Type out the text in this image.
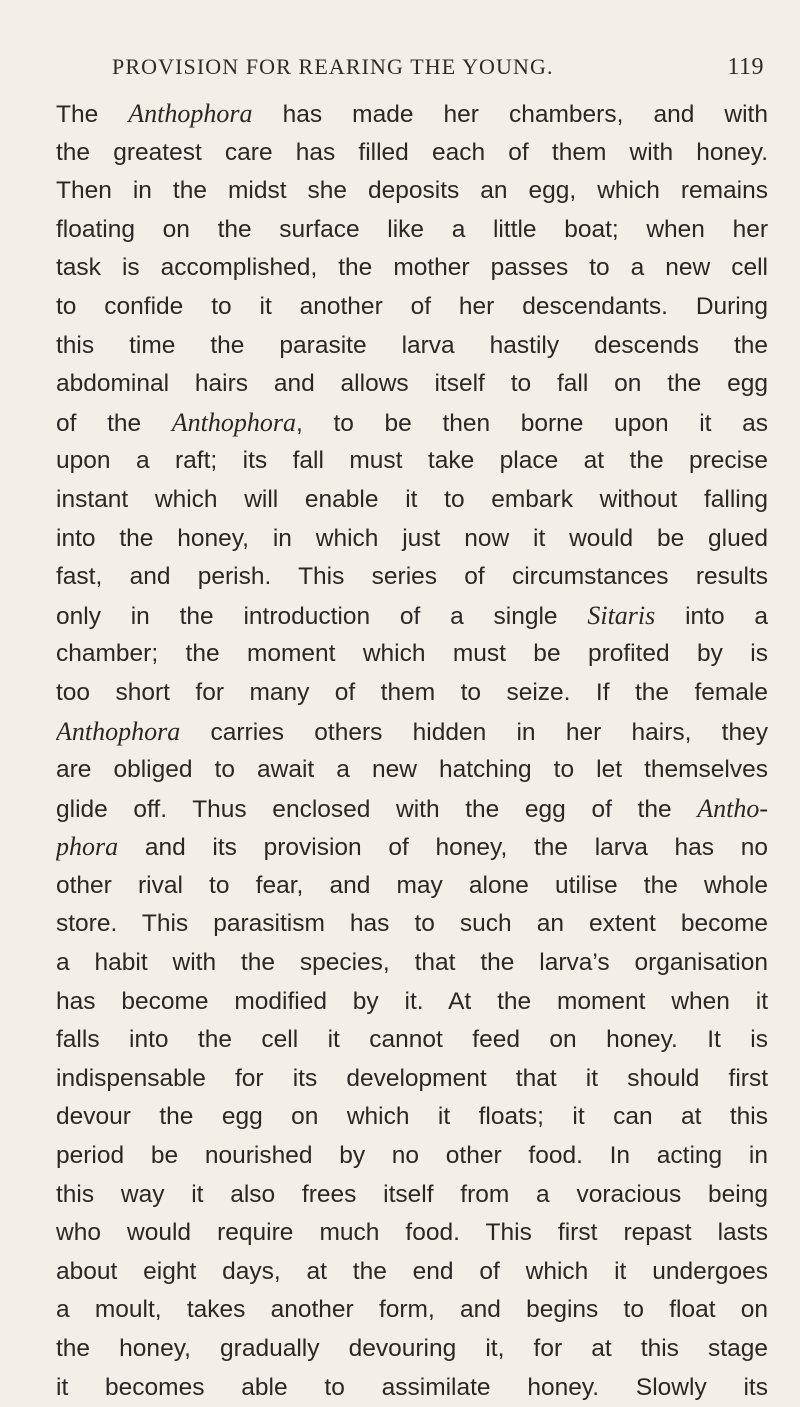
PROVISION FOR REARING THE YOUNG.	119
The Anthophora has made her chambers, and with
the greatest care has filled each of them with honey.
Then in the midst she deposits an egg, which remains
floating on the surface like a little boat; when her
task is accomplished, the mother passes to a new cell
to confide to it another of her descendants. During
this time the parasite larva hastily descends the
abdominal hairs and allows itself to fall on the egg
of the Anthophora, to be then borne upon it as
upon a raft; its fall must take place at the precise
instant which will enable it to embark without falling
into the honey, in which just now it would be glued
fast, and perish. This series of circumstances results
only in the introduction of a single Sitaris into a
chamber; the moment which must be profited by is
too short for many of them to seize. If the female
Anthophora carries others hidden in her hairs, they
are obliged to await a new hatching to let themselves
glide off. Thus enclosed with the egg of the Antho-
phora and its provision of honey, the larva has no
other rival to fear, and may alone utilise the whole
store. This parasitism has to such an extent become
a habit with the species, that the larva’s organisation
has become modified by it. At the moment when it
falls into the cell it cannot feed on honey. It is
indispensable for its development that it should first
devour the egg on which it floats; it can at this
period be nourished by no other food. In acting in
this way it also frees itself from a voracious being
who would require much food. This first repast lasts
about eight days, at the end of which it undergoes
a moult, takes another form, and begins to float on
the honey, gradually devouring it, for at this stage
it becomes able to assimilate honey. Slowly its
